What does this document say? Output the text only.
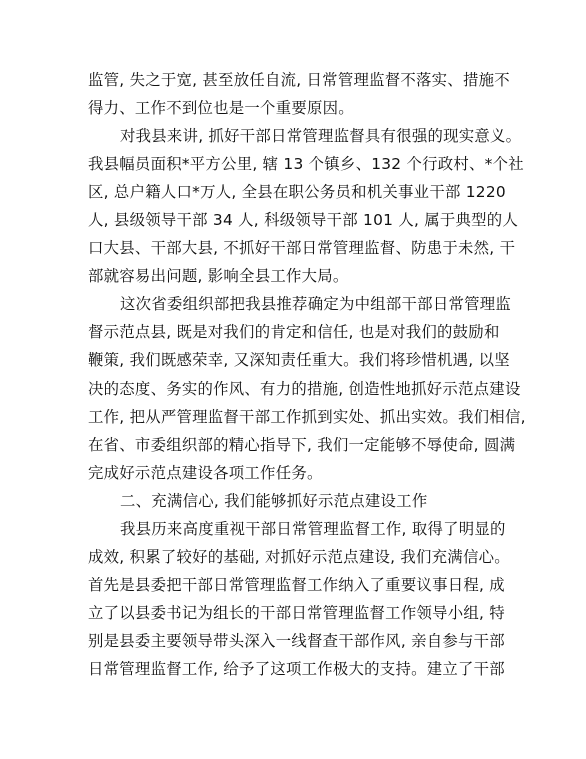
监管, 失之于宽, 甚至放任自流, 日常管理监督不落实、措施不
得力、工作不到位也是一个重要原因。
对我县来讲, 抓好干部日常管理监督具有很强的现实意义。
我县幅员面积*平方公里, 辖 13 个镇乡、132 个行政村、*个社
区, 总户籍人口*万人, 全县在职公务员和机关事业干部 1220
人, 县级领导干部 34 人, 科级领导干部 101 人, 属于典型的人
口大县、干部大县, 不抓好干部日常管理监督、防患于未然, 干
部就容易出问题, 影响全县工作大局。
这次省委组织部把我县推荐确定为中组部干部日常管理监
督示范点县, 既是对我们的肯定和信任, 也是对我们的鼓励和
鞭策, 我们既感荣幸, 又深知责任重大。我们将珍惜机遇, 以坚
决的态度、务实的作风、有力的措施, 创造性地抓好示范点建设
工作, 把从严管理监督干部工作抓到实处、抓出实效。我们相信,
在省、市委组织部的精心指导下, 我们一定能够不辱使命, 圆满
完成好示范点建设各项工作任务。
二、充满信心, 我们能够抓好示范点建设工作
我县历来高度重视干部日常管理监督工作, 取得了明显的
成效, 积累了较好的基础, 对抓好示范点建设, 我们充满信心。
首先是县委把干部日常管理监督工作纳入了重要议事日程, 成
立了以县委书记为组长的干部日常管理监督工作领导小组, 特
别是县委主要领导带头深入一线督查干部作风, 亲自参与干部
日常管理监督工作, 给予了这项工作极大的支持。建立了干部
